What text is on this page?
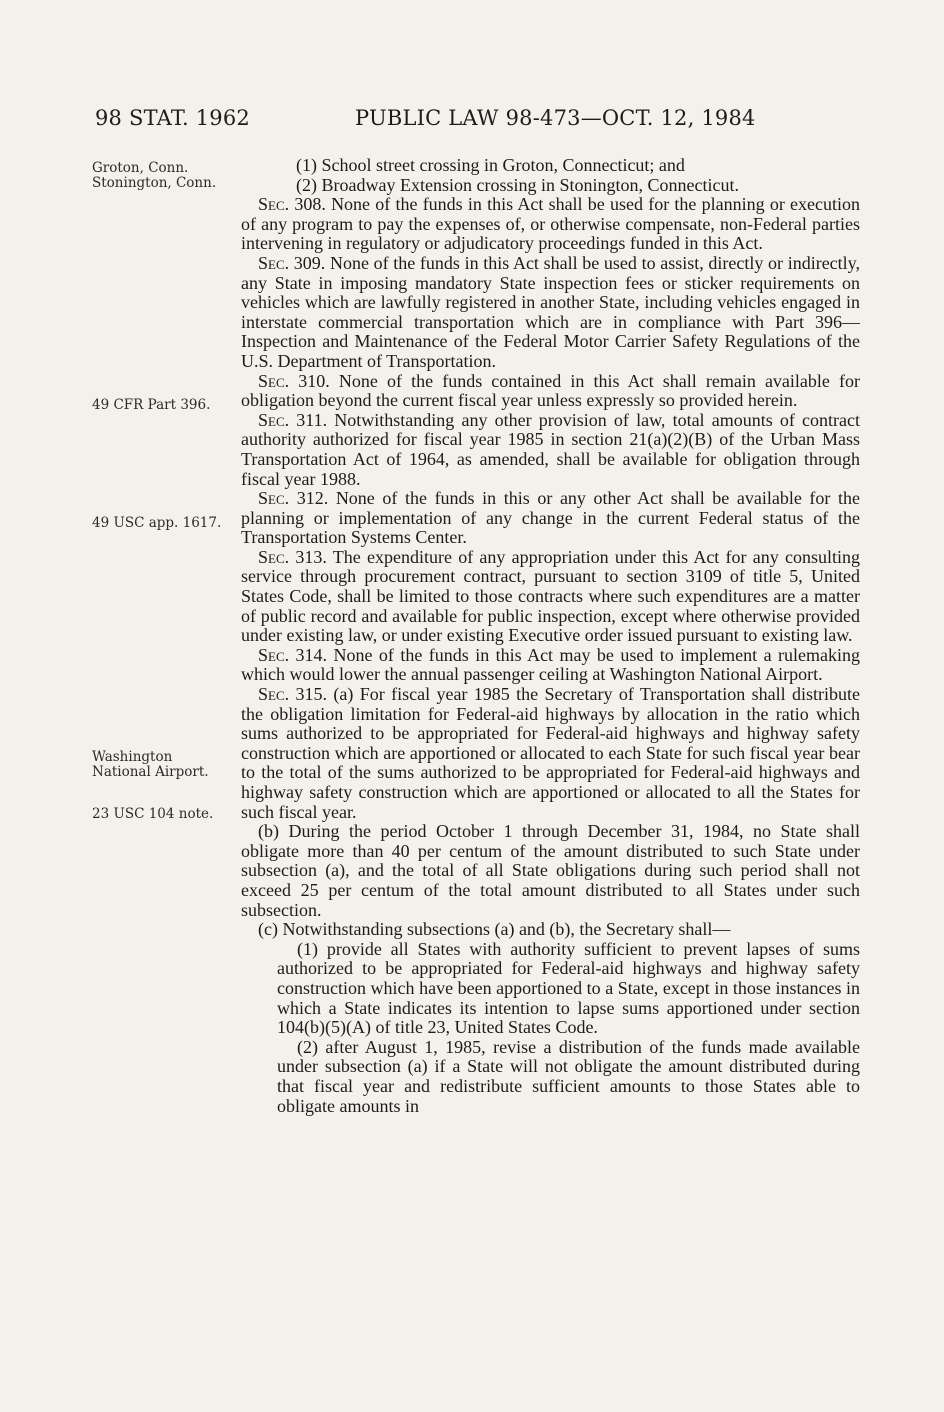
98 STAT. 1962	PUBLIC LAW 98-473—OCT. 12, 1984
Groton, Conn. Stonington, Conn.
49 CFR Part 396.
49 USC app. 1617.
Washington National Airport.
23 USC 104 note.

(1) School street crossing in Groton, Connecticut; and

(2) Broadway Extension crossing in Stonington, Connecticut.

Sec. 308. None of the funds in this Act shall be used for the planning or execution of any program to pay the expenses of, or otherwise compensate, non-Federal parties intervening in regulatory or adjudicatory proceedings funded in this Act.

Sec. 309. None of the funds in this Act shall be used to assist, directly or indirectly, any State in imposing mandatory State inspection fees or sticker requirements on vehicles which are lawfully registered in another State, including vehicles engaged in interstate commercial transportation which are in compliance with Part 396—Inspection and Maintenance of the Federal Motor Carrier Safety Regulations of the U.S. Department of Transportation.

Sec. 310. None of the funds contained in this Act shall remain available for obligation beyond the current fiscal year unless expressly so provided herein.

Sec. 311. Notwithstanding any other provision of law, total amounts of contract authority authorized for fiscal year 1985 in section 21(a)(2)(B) of the Urban Mass Transportation Act of 1964, as amended, shall be available for obligation through fiscal year 1988.

Sec. 312. None of the funds in this or any other Act shall be available for the planning or implementation of any change in the current Federal status of the Transportation Systems Center.

Sec. 313. The expenditure of any appropriation under this Act for any consulting service through procurement contract, pursuant to section 3109 of title 5, United States Code, shall be limited to those contracts where such expenditures are a matter of public record and available for public inspection, except where otherwise provided under existing law, or under existing Executive order issued pursuant to existing law.

Sec. 314. None of the funds in this Act may be used to implement a rulemaking which would lower the annual passenger ceiling at Washington National Airport.

Sec. 315. (a) For fiscal year 1985 the Secretary of Transportation shall distribute the obligation limitation for Federal-aid highways by allocation in the ratio which sums authorized to be appropriated for Federal-aid highways and highway safety construction which are apportioned or allocated to each State for such fiscal year bear to the total of the sums authorized to be appropriated for Federal-aid highways and highway safety construction which are apportioned or allocated to all the States for such fiscal year.

(b) During the period October 1 through December 31, 1984, no State shall obligate more than 40 per centum of the amount distributed to such State under subsection (a), and the total of all State obligations during such period shall not exceed 25 per centum of the total amount distributed to all States under such subsection.

(c) Notwithstanding subsections (a) and (b), the Secretary shall—

(1) provide all States with authority sufficient to prevent lapses of sums authorized to be appropriated for Federal-aid highways and highway safety construction which have been apportioned to a State, except in those instances in which a State indicates its intention to lapse sums apportioned under section 104(b)(5)(A) of title 23, United States Code.

(2) after August 1, 1985, revise a distribution of the funds made available under subsection (a) if a State will not obligate the amount distributed during that fiscal year and redistribute sufficient amounts to those States able to obligate amounts in
